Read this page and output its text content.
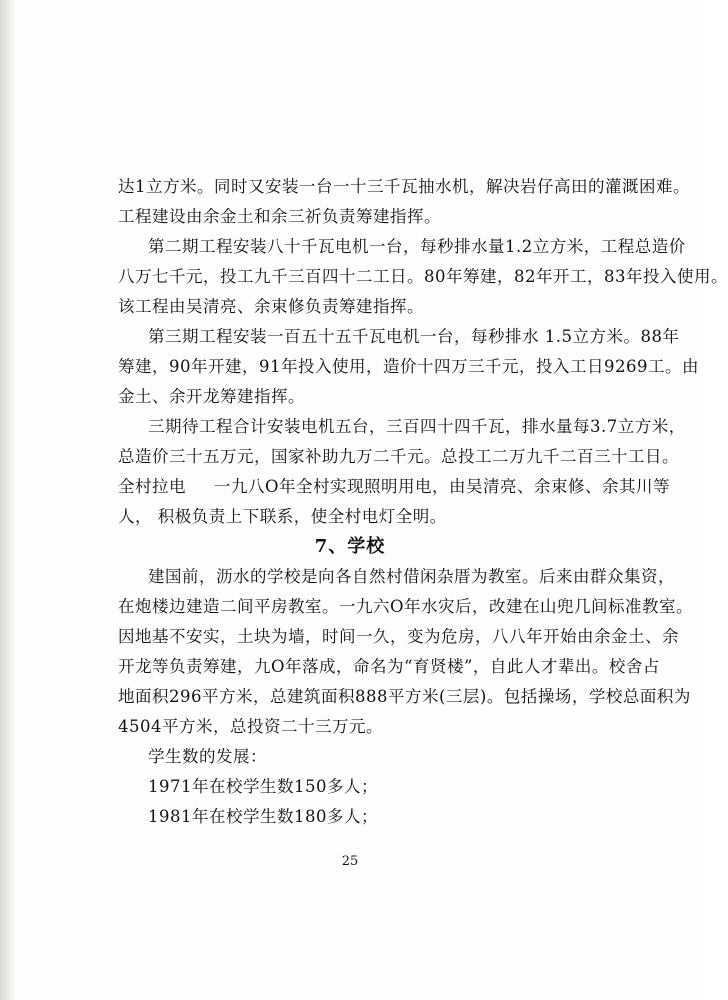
达1立方米。同时又安装一台一十三千瓦抽水机，解决岩仔高田的灌溉困难。
工程建设由余金土和余三祈负责筹建指挥。
第二期工程安装八十千瓦电机一台，每秒排水量1.2立方米，工程总造价
八万七千元，投工九千三百四十二工日。80年筹建，82年开工，83年投入使用。
该工程由吴清亮、余束修负责筹建指挥。
第三期工程安装一百五十五千瓦电机一台，每秒排水 1.5立方米。88年
筹建，90年开建，91年投入使用，造价十四万三千元，投入工日9269工。由
金土、余开龙筹建指挥。
三期待工程合计安装电机五台，三百四十四千瓦，排水量每3.7立方米，
总造价三十五万元，国家补助九万二千元。总投工二万九千二百三十工日。
全村拉电 一九八O年全村实现照明用电，由吴清亮、余束修、余其川等
人， 积极负责上下联系，使全村电灯全明。
7、学校
建国前，沥水的学校是向各自然村借闲杂厝为教室。后来由群众集资，
在炮楼边建造二间平房教室。一九六O年水灾后，改建在山兜几间标准教室。
因地基不安实，土块为墙，时间一久，变为危房，八八年开始由余金土、余
开龙等负责筹建，九O年落成，命名为“育贤楼”，自此人才辈出。校舍占
地面积296平方米，总建筑面积888平方米(三层)。包括操场，学校总面积为
4504平方米，总投资二十三万元。
学生数的发展：
1971年在校学生数150多人；
1981年在校学生数180多人；
25
